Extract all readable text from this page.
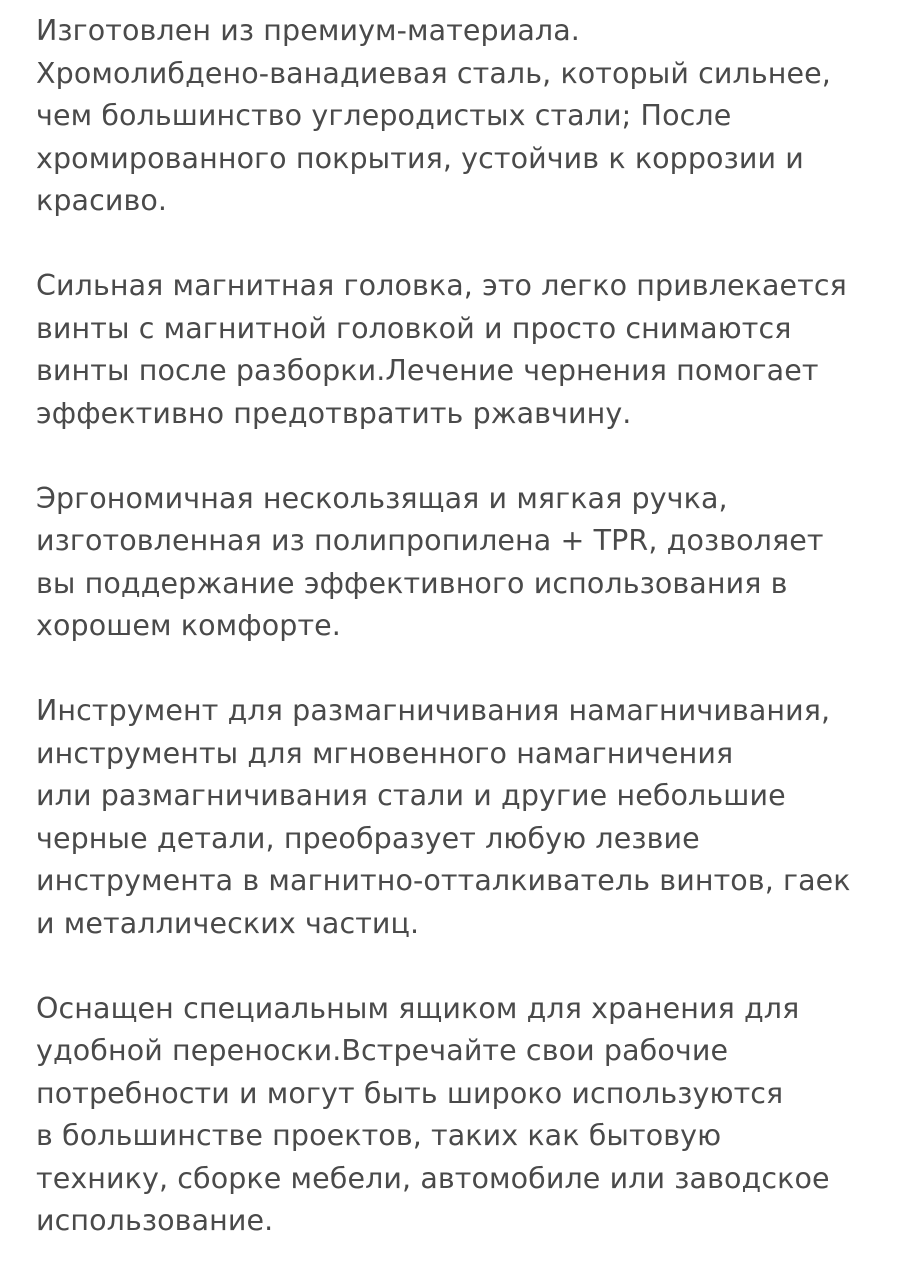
Изготовлен из премиум-материала.
Хромолибдено-ванадиевая сталь, который сильнее,
чем большинство углеродистых стали; После
хромированного покрытия, устойчив к коррозии и
красиво.

Сильная магнитная головка, это легко привлекается
винты с магнитной головкой и просто снимаются
винты после разборки.Лечение чернения помогает
эффективно предотвратить ржавчину.

Эргономичная нескользящая и мягкая ручка,
изготовленная из полипропилена + TPR, дозволяет
вы поддержание эффективного использования в
хорошем комфорте.

Инструмент для размагничивания намагничивания,
инструменты для мгновенного намагничения
или размагничивания стали и другие небольшие
черные детали, преобразует любую лезвие
инструмента в магнитно-отталкиватель винтов, гаек
и металлических частиц.

Оснащен специальным ящиком для хранения для
удобной переноски.Встречайте свои рабочие
потребности и могут быть широко используются
в большинстве проектов, таких как бытовую
технику, сборке мебели, автомобиле или заводское
использование.
